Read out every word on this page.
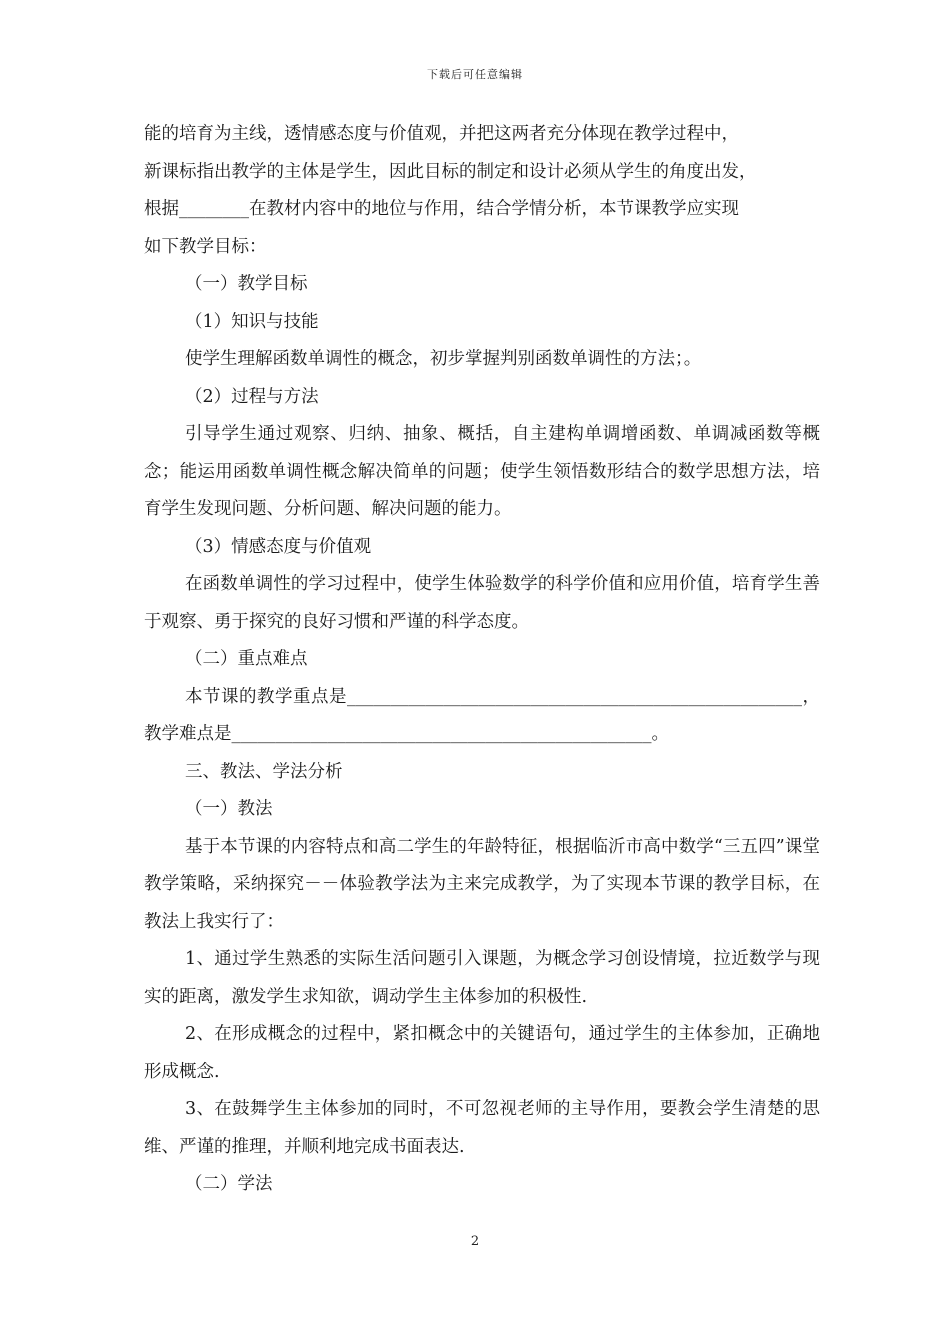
下载后可任意编辑

能的培育为主线，透情感态度与价值观，并把这两者充分体现在教学过程中，

新课标指出教学的主体是学生，因此目标的制定和设计必须从学生的角度出发，

根据________在教材内容中的地位与作用，结合学情分析，本节课教学应实现

如下教学目标：

（一）教学目标

（1）知识与技能

使学生理解函数单调性的概念，初步掌握判别函数单调性的方法；。

（2）过程与方法

引导学生通过观察、归纳、抽象、概括，自主建构单调增函数、单调减函数等概念；能运用函数单调性概念解决简单的问题；使学生领悟数形结合的数学思想方法，培育学生发现问题、分析问题、解决问题的能力。

（3）情感态度与价值观

在函数单调性的学习过程中，使学生体验数学的科学价值和应用价值，培育学生善于观察、勇于探究的良好习惯和严谨的科学态度。

（二）重点难点

本节课的教学重点是____________________________________________________，教学难点是________________________________________________。

三、教法、学法分析

（一）教法

基于本节课的内容特点和高二学生的年龄特征，根据临沂市高中数学“三五四”课堂教学策略，采纳探究－－体验教学法为主来完成教学，为了实现本节课的教学目标，在教法上我实行了：

1、通过学生熟悉的实际生活问题引入课题，为概念学习创设情境，拉近数学与现实的距离，激发学生求知欲，调动学生主体参加的积极性.

2、在形成概念的过程中，紧扣概念中的关键语句，通过学生的主体参加，正确地形成概念.

3、在鼓舞学生主体参加的同时，不可忽视老师的主导作用，要教会学生清楚的思维、严谨的推理，并顺利地完成书面表达.

（二）学法

2
